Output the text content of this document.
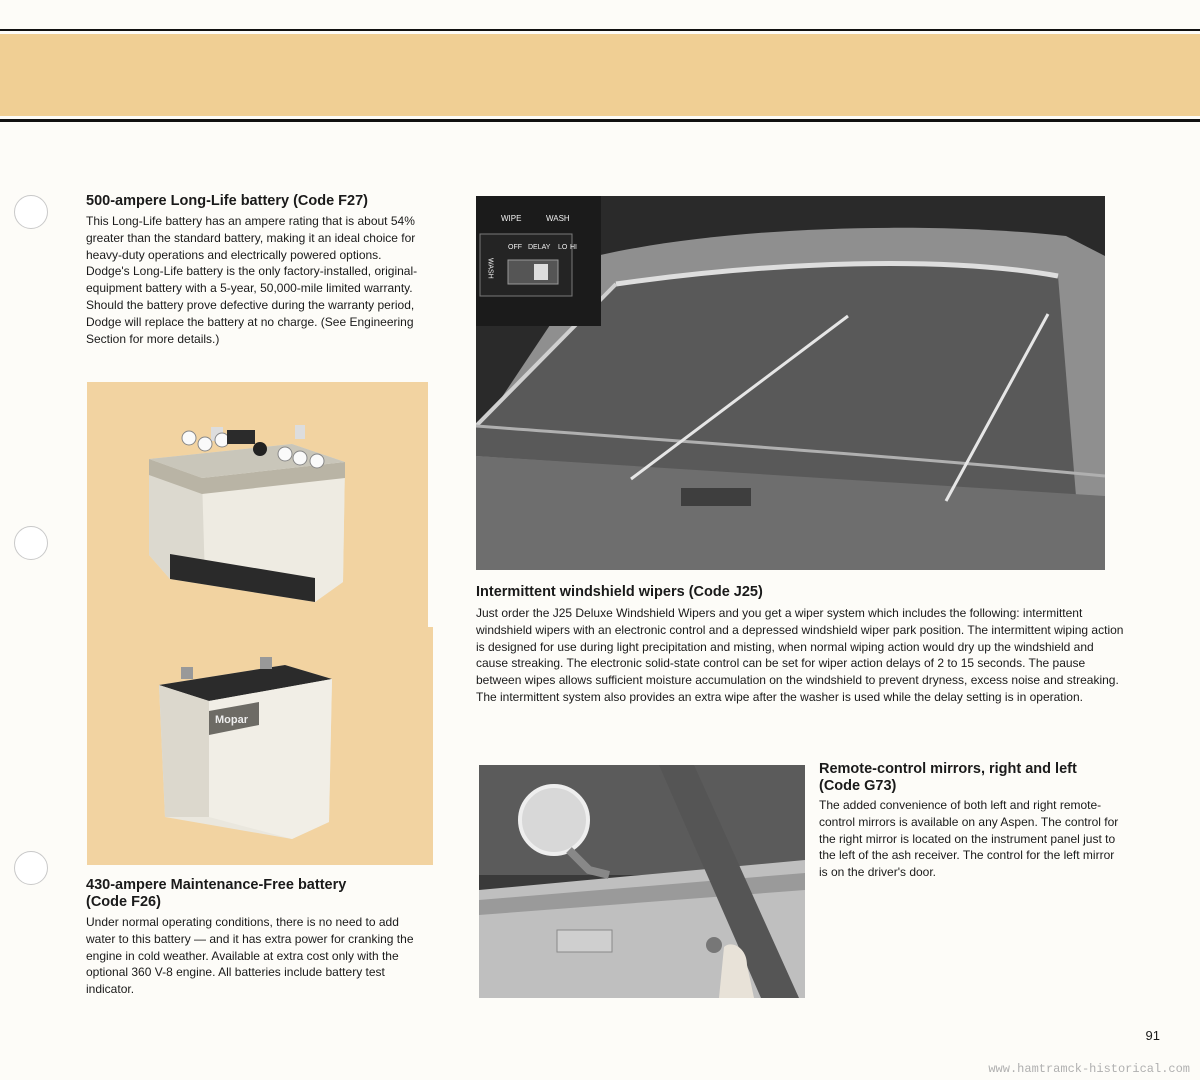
500-ampere Long-Life battery (Code F27)

This Long-Life battery has an ampere rating that is about 54% greater than the standard battery, making it an ideal choice for heavy-duty operations and electrically powered options. Dodge's Long-Life battery is the only factory-installed, original-equipment battery with a 5-year, 50,000-mile limited warranty. Should the battery prove defective during the warranty period, Dodge will replace the battery at no charge. (See Engineering Section for more details.)

Mopar
430-ampere Maintenance-Free battery (Code F26)

Under normal operating conditions, there is no need to add water to this battery — and it has extra power for cranking the engine in cold weather. Available at extra cost only with the optional 360 V-8 engine. All batteries include battery test indicator.

WIPE	WASH
OFF DELAY LO HI
WASH
Intermittent windshield wipers (Code J25)

Just order the J25 Deluxe Windshield Wipers and you get a wiper system which includes the following: intermittent windshield wipers with an electronic control and a depressed windshield wiper park position. The intermittent wiping action is designed for use during light precipitation and misting, when normal wiping action would dry up the windshield and cause streaking. The electronic solid-state control can be set for wiper action delays of 2 to 15 seconds. The pause between wipes allows sufficient moisture accumulation on the windshield to prevent dryness, excess noise and streaking. The intermittent system also provides an extra wipe after the washer is used while the delay setting is in operation.

Remote-control mirrors, right and left (Code G73)

The added convenience of both left and right remote-control mirrors is available on any Aspen. The control for the right mirror is located on the instrument panel just to the left of the ash receiver. The control for the left mirror is on the driver's door.

91
www.hamtramck-historical.com
